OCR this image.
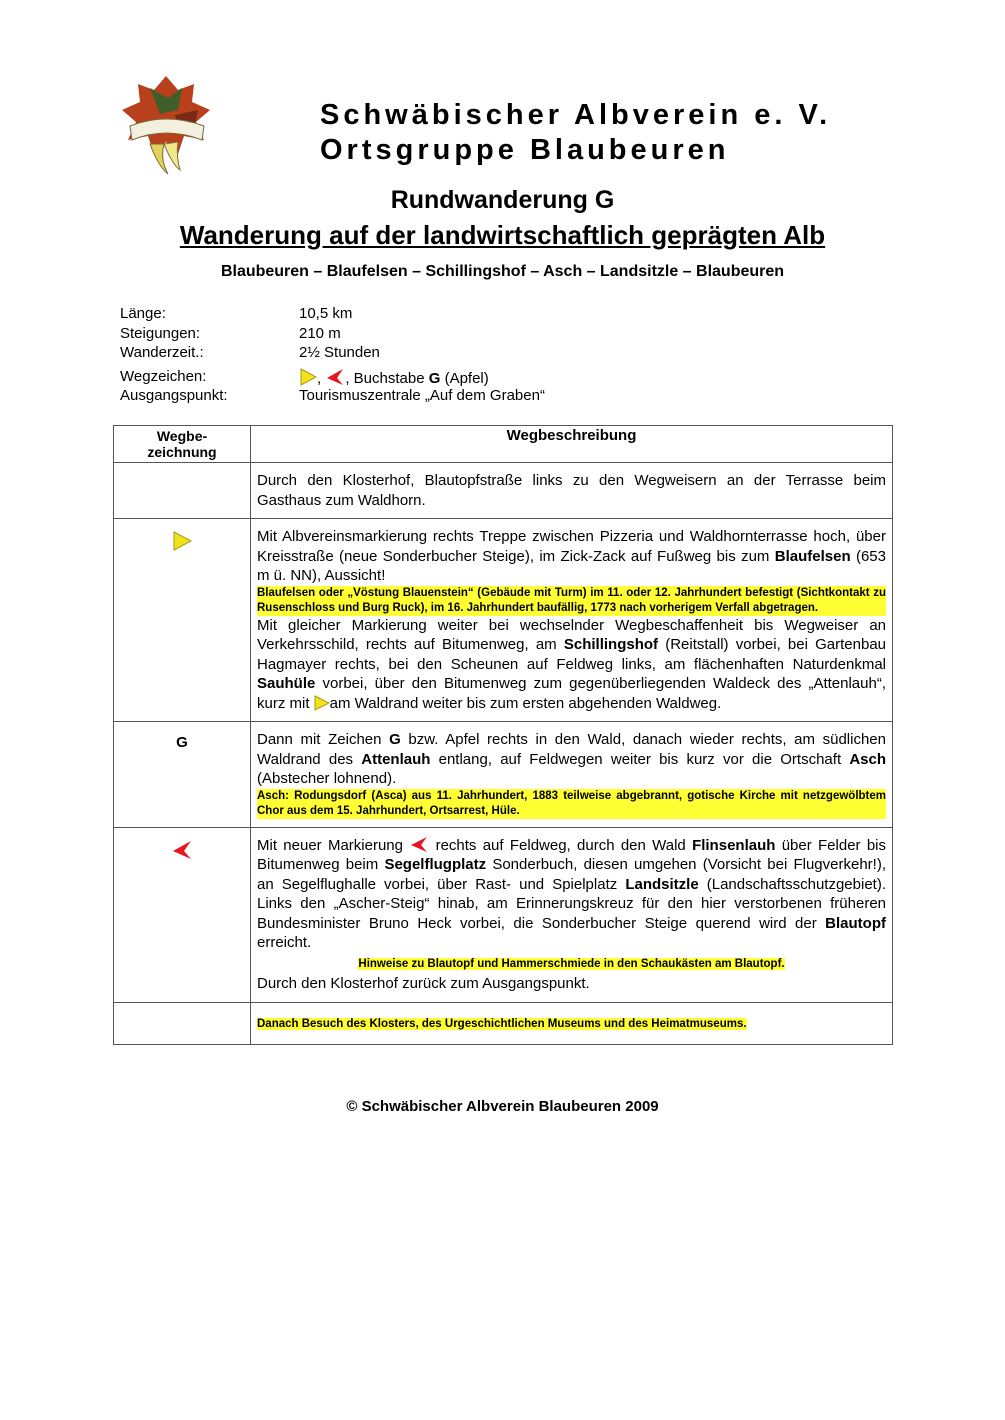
Schwäbischer Albverein e. V.
Ortsgruppe Blaubeuren
Rundwanderung G
Wanderung auf der landwirtschaftlich geprägten Alb
Blaubeuren – Blaufelsen – Schillingshof – Asch – Landsitzle – Blaubeuren
Länge:	10,5 km
Steigungen:	210 m
Wanderzeit.:	2½ Stunden
Wegzeichen:	, , Buchstabe G (Apfel)
Ausgangspunkt:	Tourismuszentrale „Auf dem Graben“
Wegbe-
zeichnung	Wegbeschreibung
	Durch den Klosterhof, Blautopfstraße links zu den Wegweisern an der Terrasse beim Gasthaus zum Waldhorn.

Mit Albvereinsmarkierung rechts Treppe zwischen Pizzeria und Waldhornterrasse hoch, über Kreisstraße (neue Sonderbucher Steige), im Zick-Zack auf Fußweg bis zum Blaufelsen (653 m ü. NN), Aussicht!
Blaufelsen oder „Vöstung Blauenstein“ (Gebäude mit Turm) im 11. oder 12. Jahrhundert befestigt (Sichtkontakt zu Rusenschloss und Burg Ruck), im 16. Jahrhundert baufällig, 1773 nach vorherigem Verfall abgetragen.
Mit gleicher Markierung weiter bei wechselnder Wegbeschaffenheit bis Wegweiser an Verkehrsschild, rechts auf Bitumenweg, am Schillingshof (Reitstall) vorbei, bei Gartenbau Hagmayer rechts, bei den Scheunen auf Feldweg links, am flächenhaften Naturdenkmal Sauhüle vorbei, über den Bitumenweg zum gegenüberliegenden Waldeck des „Attenlauh“, kurz mit am Waldrand weiter bis zum ersten abgehenden Waldweg.

G	Dann mit Zeichen G bzw. Apfel rechts in den Wald, danach wieder rechts, am südlichen Waldrand des Attenlauh entlang, auf Feldwegen weiter bis kurz vor die Ortschaft Asch (Abstecher lohnend).
Asch: Rodungsdorf (Asca) aus 11. Jahrhundert, 1883 teilweise abgebrannt, gotische Kirche mit netzgewölbtem Chor aus dem 15. Jahrhundert, Ortsarrest, Hüle.

Mit neuer Markierung  rechts auf Feldweg, durch den Wald Flinsenlauh über Felder bis Bitumenweg beim Segelflugplatz Sonderbuch, diesen umgehen (Vorsicht bei Flugverkehr!), an Segelflughalle vorbei, über Rast- und Spielplatz Landsitzle (Landschaftsschutzgebiet). Links den „Ascher-Steig“ hinab, am Erinnerungskreuz für den hier verstorbenen früheren Bundesminister Bruno Heck vorbei, die Sonderbucher Steige querend wird der Blautopf erreicht.
Hinweise zu Blautopf und Hammerschmiede in den Schaukästen am Blautopf.
Durch den Klosterhof zurück zum Ausgangspunkt.

	Danach Besuch des Klosters, des Urgeschichtlichen Museums und des Heimatmuseums.
© Schwäbischer Albverein Blaubeuren 2009
